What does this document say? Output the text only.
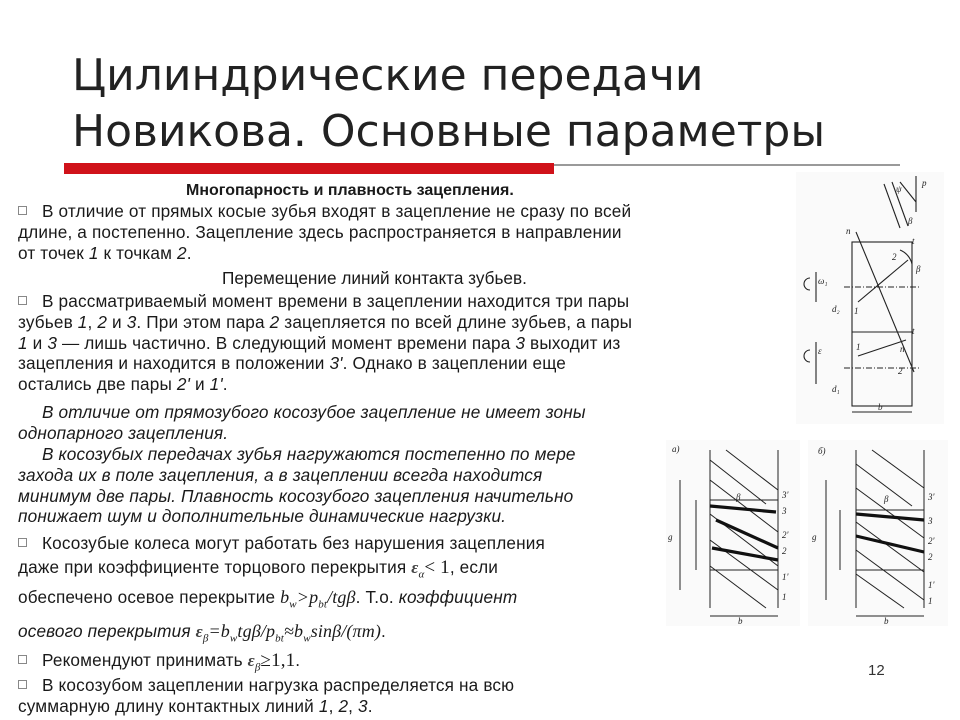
Цилиндрические передачи
Новикова. Основные параметры
Многопарность и плавность зацепления.
В отличие от прямых косые зубья входят в зацепление не сразу по всей
длине, а постепенно. Зацепление здесь распространяется в направлении
от точек 1 к точкам 2.
Перемещение линий контакта зубьев.
В рассматриваемый момент времени в зацеплении находится три пары
зубьев 1, 2 и 3. При этом пара 2 зацепляется по всей длине зубьев, а пары
1 и 3 — лишь частично. В следующий момент времени пара 3 выходит из
зацепления и находится в положении 3'. Однако в зацеплении еще
остались две пары 2' и 1'.
В отличие от прямозубого косозубое зацепление не имеет зоны
однопарного зацепления.
В косозубых передачах зубья нагружаются постепенно по мере
захода их в поле зацепления, а в зацеплении всегда находится
минимум две пары. Плавность косозубого зацепления начительно
понижает шум и дополнительные динамические нагрузки.
Косозубые колеса могут работать без нарушения зацепления
даже при коэффициенте торцового перекрытия $\varepsilon_\alpha< 1$, если
обеспечено осевое перекрытие $b_w>p_{bt}$/tgβ. Т.о. коэффициент
осевого перекрытия $\varepsilon_\beta=b_wtg\beta/p_{bt}\approx b_w\sin\beta/(\pi m)$.
Рекомендуют принимать $\varepsilon_\beta\ge 1,1$.
В косозубом зацеплении нагрузка распределяется на всю
суммарную длину контактных линий 1, 2, 3.
12
ψ
p
t
β
n
2
ω₁
β
d₂ 1
t
ε	1	n
d₁
2
b
а)
3'
3
2'
2
1'
1
b
g
β
б)
3'
3
2'
2
1'
1
b
g
β
